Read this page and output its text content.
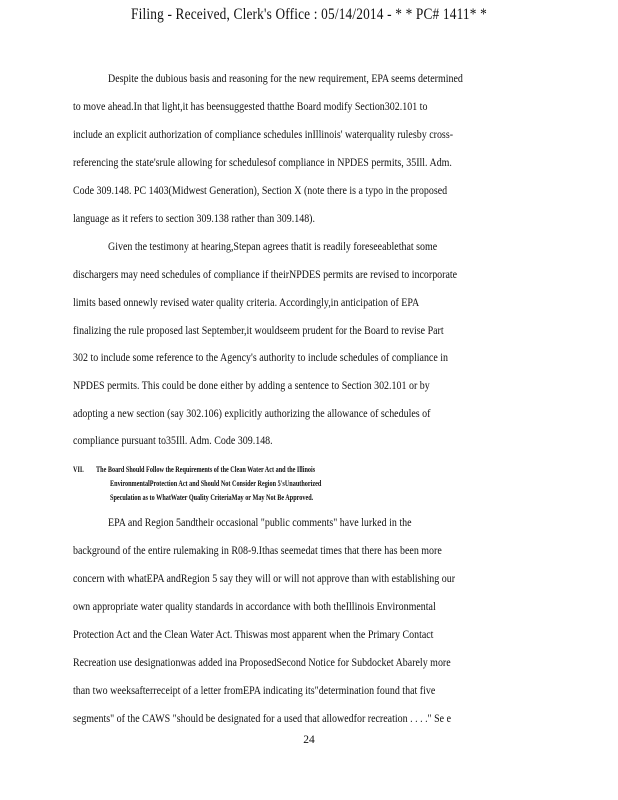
Filing - Received, Clerk's Office : 05/14/2014 - * * PC# 1411* *
Despite the dubious basis and reasoning for the new requirement, EPA seems determined
to move ahead.In that light,it has beensuggested thatthe Board modify Section302.101 to
include an explicit authorization of compliance schedules inIllinois' waterquality rulesby cross-
referencing the state'srule allowing for schedulesof compliance in NPDES permits, 35Ill. Adm.
Code 309.148. PC 1403(Midwest Generation), Section X (note there is a typo in the proposed
language as it refers to section 309.138 rather than 309.148).
Given the testimony at hearing,Stepan agrees thatit is readily foreseeablethat some
dischargers may need schedules of compliance if theirNPDES permits are revised to incorporate
limits based onnewly revised water quality criteria. Accordingly,in anticipation of EPA
finalizing the rule proposed last September,it wouldseem prudent for the Board to revise Part
302 to include some reference to the Agency's authority to include schedules of compliance in
NPDES permits. This could be done either by adding a sentence to Section 302.101 or by
adopting a new section (say 302.106) explicitly authorizing the allowance of schedules of
compliance pursuant to35Ill. Adm. Code 309.148.
VII. The Board Should Follow the Requirements of the Clean Water Act and the Illinois
EnvironmentalProtection Act and Should Not Consider Region 5'sUnauthorized
Speculation as to WhatWater Quality CriteriaMay or May Not Be Approved.
EPA and Region 5andtheir occasional "public comments" have lurked in the
background of the entire rulemaking in R08-9.Ithas seemedat times that there has been more
concern with whatEPA andRegion 5 say they will or will not approve than with establishing our
own appropriate water quality standards in accordance with both theIllinois Environmental
Protection Act and the Clean Water Act. Thiswas most apparent when the Primary Contact
Recreation use designationwas added ina ProposedSecond Notice for Subdocket Abarely more
than two weeksafterreceipt of a letter fromEPA indicating its"determination found that five
segments" of the CAWS "should be designated for a used that allowedfor recreation . . . ." Se e
24
